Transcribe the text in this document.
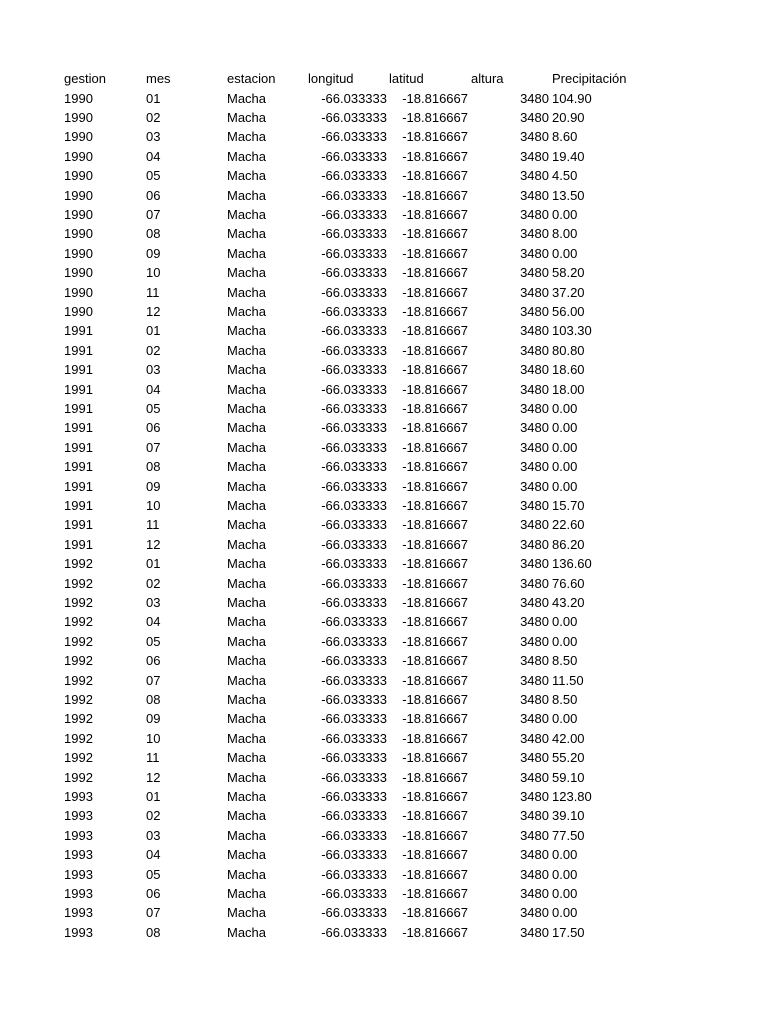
gestion	mes	estacion	longitud	latitud	altura	Precipitación
1990	01	Macha	-66.033333	-18.816667	3480 104.90
1990	02	Macha	-66.033333	-18.816667	3480 20.90
1990	03	Macha	-66.033333	-18.816667	3480 8.60
1990	04	Macha	-66.033333	-18.816667	3480 19.40
1990	05	Macha	-66.033333	-18.816667	3480 4.50
1990	06	Macha	-66.033333	-18.816667	3480 13.50
1990	07	Macha	-66.033333	-18.816667	3480 0.00
1990	08	Macha	-66.033333	-18.816667	3480 8.00
1990	09	Macha	-66.033333	-18.816667	3480 0.00
1990	10	Macha	-66.033333	-18.816667	3480 58.20
1990	11	Macha	-66.033333	-18.816667	3480 37.20
1990	12	Macha	-66.033333	-18.816667	3480 56.00
1991	01	Macha	-66.033333	-18.816667	3480 103.30
1991	02	Macha	-66.033333	-18.816667	3480 80.80
1991	03	Macha	-66.033333	-18.816667	3480 18.60
1991	04	Macha	-66.033333	-18.816667	3480 18.00
1991	05	Macha	-66.033333	-18.816667	3480 0.00
1991	06	Macha	-66.033333	-18.816667	3480 0.00
1991	07	Macha	-66.033333	-18.816667	3480 0.00
1991	08	Macha	-66.033333	-18.816667	3480 0.00
1991	09	Macha	-66.033333	-18.816667	3480 0.00
1991	10	Macha	-66.033333	-18.816667	3480 15.70
1991	11	Macha	-66.033333	-18.816667	3480 22.60
1991	12	Macha	-66.033333	-18.816667	3480 86.20
1992	01	Macha	-66.033333	-18.816667	3480 136.60
1992	02	Macha	-66.033333	-18.816667	3480 76.60
1992	03	Macha	-66.033333	-18.816667	3480 43.20
1992	04	Macha	-66.033333	-18.816667	3480 0.00
1992	05	Macha	-66.033333	-18.816667	3480 0.00
1992	06	Macha	-66.033333	-18.816667	3480 8.50
1992	07	Macha	-66.033333	-18.816667	3480 11.50
1992	08	Macha	-66.033333	-18.816667	3480 8.50
1992	09	Macha	-66.033333	-18.816667	3480 0.00
1992	10	Macha	-66.033333	-18.816667	3480 42.00
1992	11	Macha	-66.033333	-18.816667	3480 55.20
1992	12	Macha	-66.033333	-18.816667	3480 59.10
1993	01	Macha	-66.033333	-18.816667	3480 123.80
1993	02	Macha	-66.033333	-18.816667	3480 39.10
1993	03	Macha	-66.033333	-18.816667	3480 77.50
1993	04	Macha	-66.033333	-18.816667	3480 0.00
1993	05	Macha	-66.033333	-18.816667	3480 0.00
1993	06	Macha	-66.033333	-18.816667	3480 0.00
1993	07	Macha	-66.033333	-18.816667	3480 0.00
1993	08	Macha	-66.033333	-18.816667	3480 17.50
